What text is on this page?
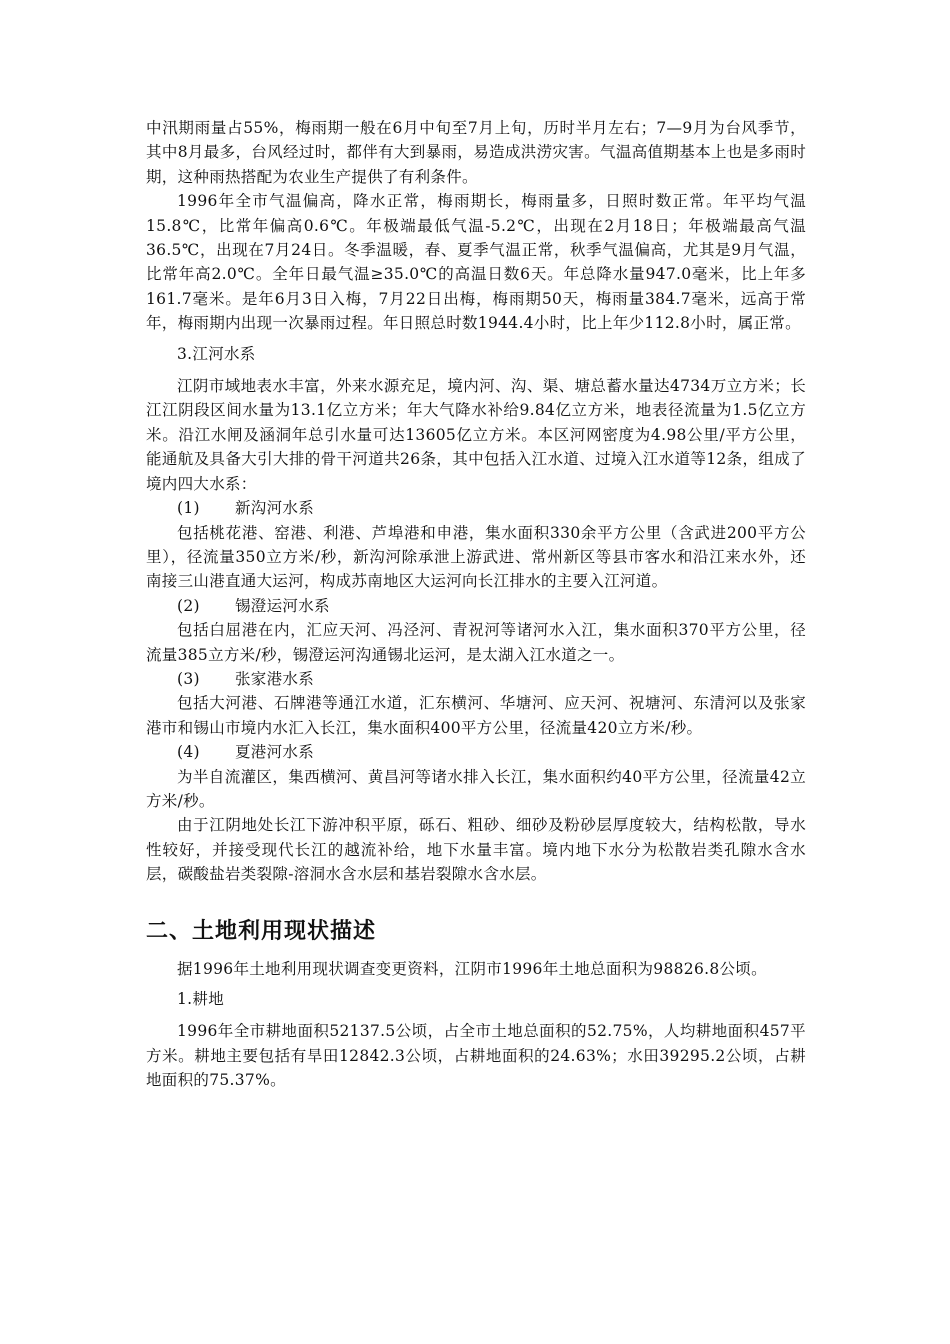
中汛期雨量占55%，梅雨期一般在6月中旬至7月上旬，历时半月左右；7—9月为台风季节，其中8月最多，台风经过时，都伴有大到暴雨，易造成洪涝灾害。气温高值期基本上也是多雨时期，这种雨热搭配为农业生产提供了有利条件。

1996年全市气温偏高，降水正常，梅雨期长，梅雨量多，日照时数正常。年平均气温15.8℃，比常年偏高0.6℃。年极端最低气温-5.2℃，出现在2月18日；年极端最高气温36.5℃，出现在7月24日。冬季温暖，春、夏季气温正常，秋季气温偏高，尤其是9月气温，比常年高2.0℃。全年日最气温≥35.0℃的高温日数6天。年总降水量947.0毫米，比上年多161.7毫米。是年6月3日入梅，7月22日出梅，梅雨期50天，梅雨量384.7毫米，远高于常年，梅雨期内出现一次暴雨过程。年日照总时数1944.4小时，比上年少112.8小时，属正常。

3.江河水系

江阴市域地表水丰富，外来水源充足，境内河、沟、渠、塘总蓄水量达4734万立方米；长江江阴段区间水量为13.1亿立方米；年大气降水补给9.84亿立方米，地表径流量为1.5亿立方米。沿江水闸及涵洞年总引水量可达13605亿立方米。本区河网密度为4.98公里/平方公里，能通航及具备大引大排的骨干河道共26条，其中包括入江水道、过境入江水道等12条，组成了境内四大水系：

(1) 新沟河水系

包括桃花港、窑港、利港、芦埠港和申港，集水面积330余平方公里（含武进200平方公里），径流量350立方米/秒，新沟河除承泄上游武进、常州新区等县市客水和沿江来水外，还南接三山港直通大运河，构成苏南地区大运河向长江排水的主要入江河道。

(2) 锡澄运河水系

包括白屈港在内，汇应天河、冯泾河、青祝河等诸河水入江，集水面积370平方公里，径流量385立方米/秒，锡澄运河沟通锡北运河，是太湖入江水道之一。

(3) 张家港水系

包括大河港、石牌港等通江水道，汇东横河、华塘河、应天河、祝塘河、东清河以及张家港市和锡山市境内水汇入长江，集水面积400平方公里，径流量420立方米/秒。

(4) 夏港河水系

为半自流灌区，集西横河、黄昌河等诸水排入长江，集水面积约40平方公里，径流量42立方米/秒。

由于江阴地处长江下游冲积平原，砾石、粗砂、细砂及粉砂层厚度较大，结构松散，导水性较好，并接受现代长江的越流补给，地下水量丰富。境内地下水分为松散岩类孔隙水含水层，碳酸盐岩类裂隙-溶洞水含水层和基岩裂隙水含水层。

二、土地利用现状描述

据1996年土地利用现状调查变更资料，江阴市1996年土地总面积为98826.8公顷。

1.耕地

1996年全市耕地面积52137.5公顷，占全市土地总面积的52.75%，人均耕地面积457平方米。耕地主要包括有旱田12842.3公顷，占耕地面积的24.63%；水田39295.2公顷，占耕地面积的75.37%。
